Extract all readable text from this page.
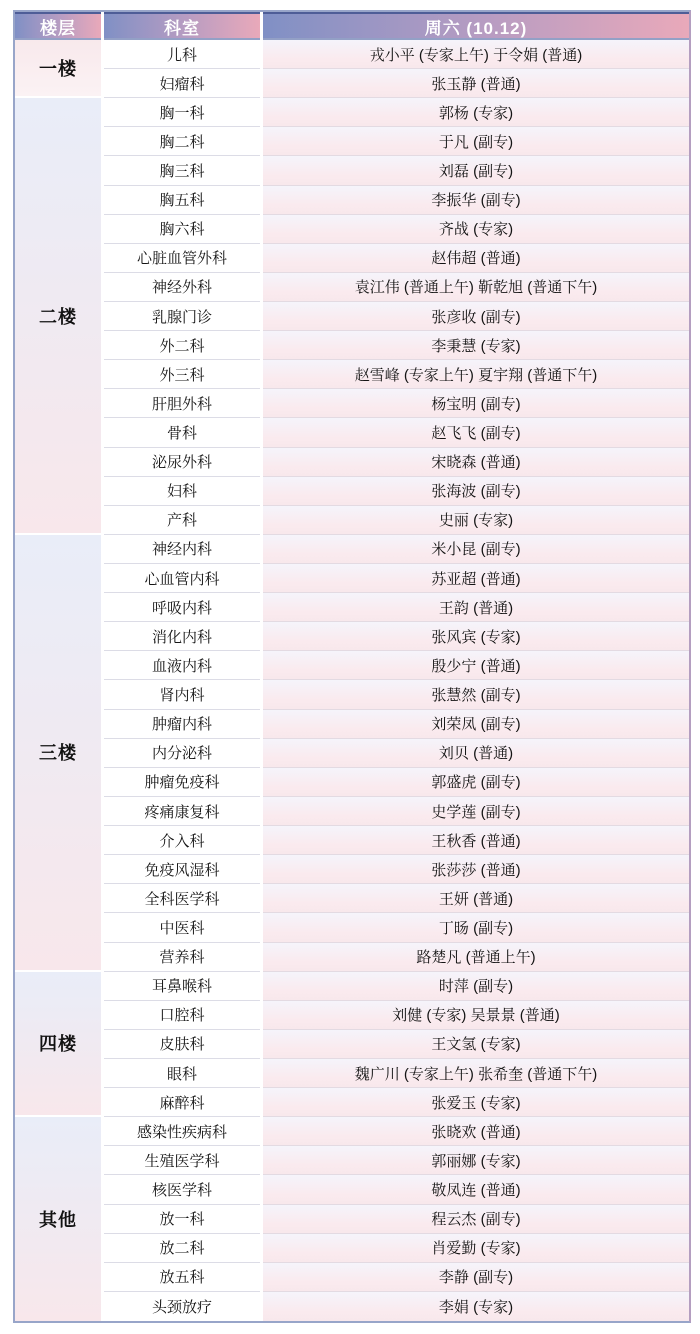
楼层	科室	周六 (10.12)
一楼
儿科	戎小平 (专家上午) 于令娟 (普通)
妇瘤科	张玉静 (普通)
二楼
胸一科	郭杨 (专家)
胸二科	于凡 (副专)
胸三科	刘磊 (副专)
胸五科	李振华 (副专)
胸六科	齐战 (专家)
心脏血管外科	赵伟超 (普通)
神经外科	袁江伟 (普通上午) 靳乾旭 (普通下午)
乳腺门诊	张彦收 (副专)
外二科	李秉慧 (专家)
外三科	赵雪峰 (专家上午) 夏宇翔 (普通下午)
肝胆外科	杨宝明 (副专)
骨科	赵飞飞 (副专)
泌尿外科	宋晓森 (普通)
妇科	张海波 (副专)
产科	史丽 (专家)
三楼
神经内科	米小昆 (副专)
心血管内科	苏亚超 (普通)
呼吸内科	王韵 (普通)
消化内科	张风宾 (专家)
血液内科	殷少宁 (普通)
肾内科	张慧然 (副专)
肿瘤内科	刘荣凤 (副专)
内分泌科	刘贝 (普通)
肿瘤免疫科	郭盛虎 (副专)
疼痛康复科	史学莲 (副专)
介入科	王秋香 (普通)
免疫风湿科	张莎莎 (普通)
全科医学科	王妍 (普通)
中医科	丁旸 (副专)
营养科	路楚凡 (普通上午)
四楼
耳鼻喉科	时萍 (副专)
口腔科	刘健 (专家) 吴景景 (普通)
皮肤科	王文氢 (专家)
眼科	魏广川 (专家上午) 张希奎 (普通下午)
麻醉科	张爱玉 (专家)
其他
感染性疾病科	张晓欢 (普通)
生殖医学科	郭丽娜 (专家)
核医学科	敬凤连 (普通)
放一科	程云杰 (副专)
放二科	肖爱勤 (专家)
放五科	李静 (副专)
头颈放疗	李娟 (专家)
